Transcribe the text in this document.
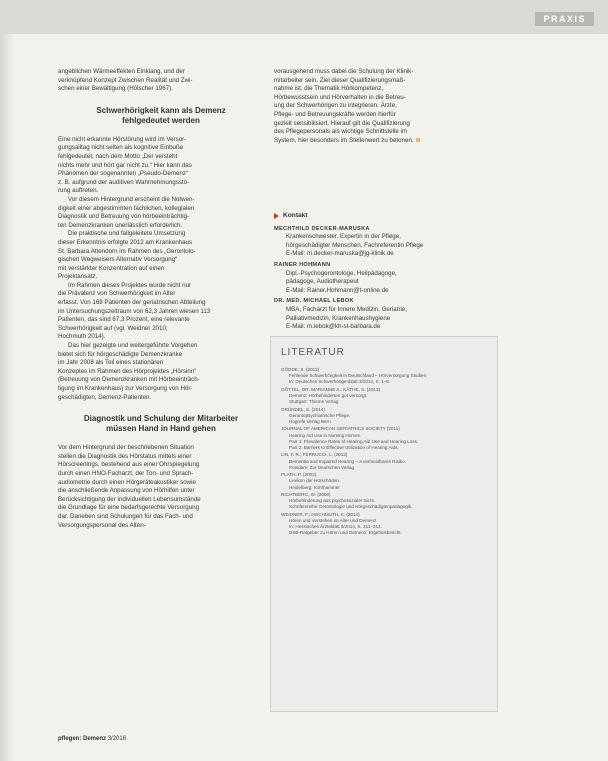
PRAXIS
angeblichen Wärmeeffekten Einklang, und der
verknüpfend Konzept Zwischen Realität und Zwi-
schen einer Bewältigung (Hölscher 1967).
Schwerhörigkeit kann als Demenz
fehlgedeutet werden
Eine nicht erkannte Hörstörung wird im Versor-
gungsalltag nicht selten als kognitive Einbuße
fehlgedeutet, nach dem Motto „Der versteht
nichts mehr und hört gar nicht zu.“ Hier kann das
Phänomen der sogenannten „Pseudo-Demenz“
z. B. aufgrund der auditiven Wahrnehmungsstö-
rung auftreten.
Vor diesem Hintergrund erscheint die Notwen-
digkeit einer abgestimmten fachlichen, kollegialen
Diagnostik und Betreuung von hörbeeinträchtig-
ten Demenzkranken unerlässlich erforderlich.
Die praktische und fallgeleitete Umsetzung
dieser Erkenntnis erfolgte 2012 am Krankenhaus
St. Barbara Attendorn im Rahmen des „Gerontolo-
gischen Wegweisers Alternativ Versorgung“
mit verstärkter Konzentration auf einen
Projektansatz.
Im Rahmen dieses Projektes wurde nicht nur
die Prävalenz von Schwerhörigkeit im Alter
erfasst. Von 168 Patienten der geriatrischen Abteilung
im Untersuchungszeitraum von 62,3 Jahren wiesen 113
Patienten, das sind 67,3 Prozent, eine relevante
Schwerhörigkeit auf (vgl. Weidner 2010;
Hochmuth 2014).
Das hier gezeigte und weitergeführte Vorgehen
bietet sich für hörgeschädigte Demenzkranke
im Jahr 2008 als Teil eines stationären
Konzeptes im Rahmen des Hörprojektes „Hörsinn“
(Betreuung von Demenzkranken mit Hörbeeinträch-
tigung im Krankenhaus) zur Versorgung von Hör-
geschädigten, Demenz-Patienten.
Diagnostik und Schulung der Mitarbeiter
müssen Hand in Hand gehen
Vor dem Hintergrund der beschriebenen Situation
stellen die Diagnostik des Hörstatus mittels einer
Hörscreenings, bestehend aus einer Ohrspiegelung
durch einen HNO-Facharzt, der Ton- und Sprach-
audiometrie durch einen Hörgeräteakustiker sowie
die anschließende Anpassung von Hörhilfen unter
Berücksichtigung der individuellen Lebensumstände
die Grundlage für eine bedarfsgerechte Versorgung
dar. Daneben sind Schulungen für das Fach- und
Versorgungspersonal des Alten-
vorausgehend muss dabei die Schulung der Klinik-
mitarbeiter sein. Ziel dieser Qualifizierungsmaß-
nahme ist, die Thematik Hörkompetenz,
Hörbewusstsein und Hörverhalten in die Betreu-
ung der Schwerhörigen zu integrieren. Ärzte,
Pflege- und Betreuungskräfte werden hierfür
gezielt sensibilisiert. Hierauf gilt die Qualifizierung
des Pflegepersonals als wichtige Schnittstelle im
System, hier besonders im Stellenwert zu betonen.
Kontakt
MECHTHILD DECKER-MARUSKA
Krankenschwester, Expertin in der Pflege,
hörgeschädigter Menschen, Fachreferentin Pflege
E-Mail: m.decker-maruska@jg-klinik.de
RAINER HOHMANN
Dipl.-Psychogerontologe, Heilpädagoge,
pädagoge, Audiotherapeut
E-Mail: Rainer.Hohmann@t-online.de
DR. MED. MICHAEL LEBOK
MBA, Facharzt für Innere Medizin, Geriatrie,
Palliativmedizin, Krankenhaushygiene
E-Mail: m.lebok@kh-st-barbara.de
LITERATUR
GÖDDE, S. (2012)
Fehlende Schwerhörigkeit in Deutschland – Hörversorgung Studien.
In: Deutsches Schwerhörigenblatt 3/2012, S. 1–8.
GÖTTEL, DR. MARIANNE A.; KÄTHE, S. (2013)
Demenz: Hörbehinderten gut versorgt.
Stuttgart: Thieme Verlag
GRÜNDEL, S. (2014)
Gerontopsychiatrische Pflege.
Hogrefe Verlag Bern
JOURNAL OF AMERICAN GERIATRICS SOCIETY (2011)
Hearing Aid Use in Nursing Homes.
Part 1: Prevalence Rates of Hearing Aid Use and Hearing Loss.
Part 2: Barriers to Effective Utilization of Hearing Aids.
LIN, F. R.; FERRUCCI, L. (2013)
Dementia and Impaired Hearing – a vermeidbares Risiko.
Potsdam: Zur Deutschen Verlag
PLATH, P. (2002)
Lexikon der Hörschäden.
Heidelberg: Kohlhammer
RICHTBERG, W. (2008)
Hörbehinderung aus psychosozialer Sicht.
Schriftenreihe Gerontologie und Hörgeschädigtenpädagogik.
WEIDNER, F.; HOCHMUTH, K. (2014)
Hören und Verstehen im Alter und Demenz.
In: Hessisches Ärzteblatt 6/2014, S. 311–314.
DSB-Ratgeber zu Hören und Demenz: Ergebnisbericht.
pflegen: Demenz 3/2016
